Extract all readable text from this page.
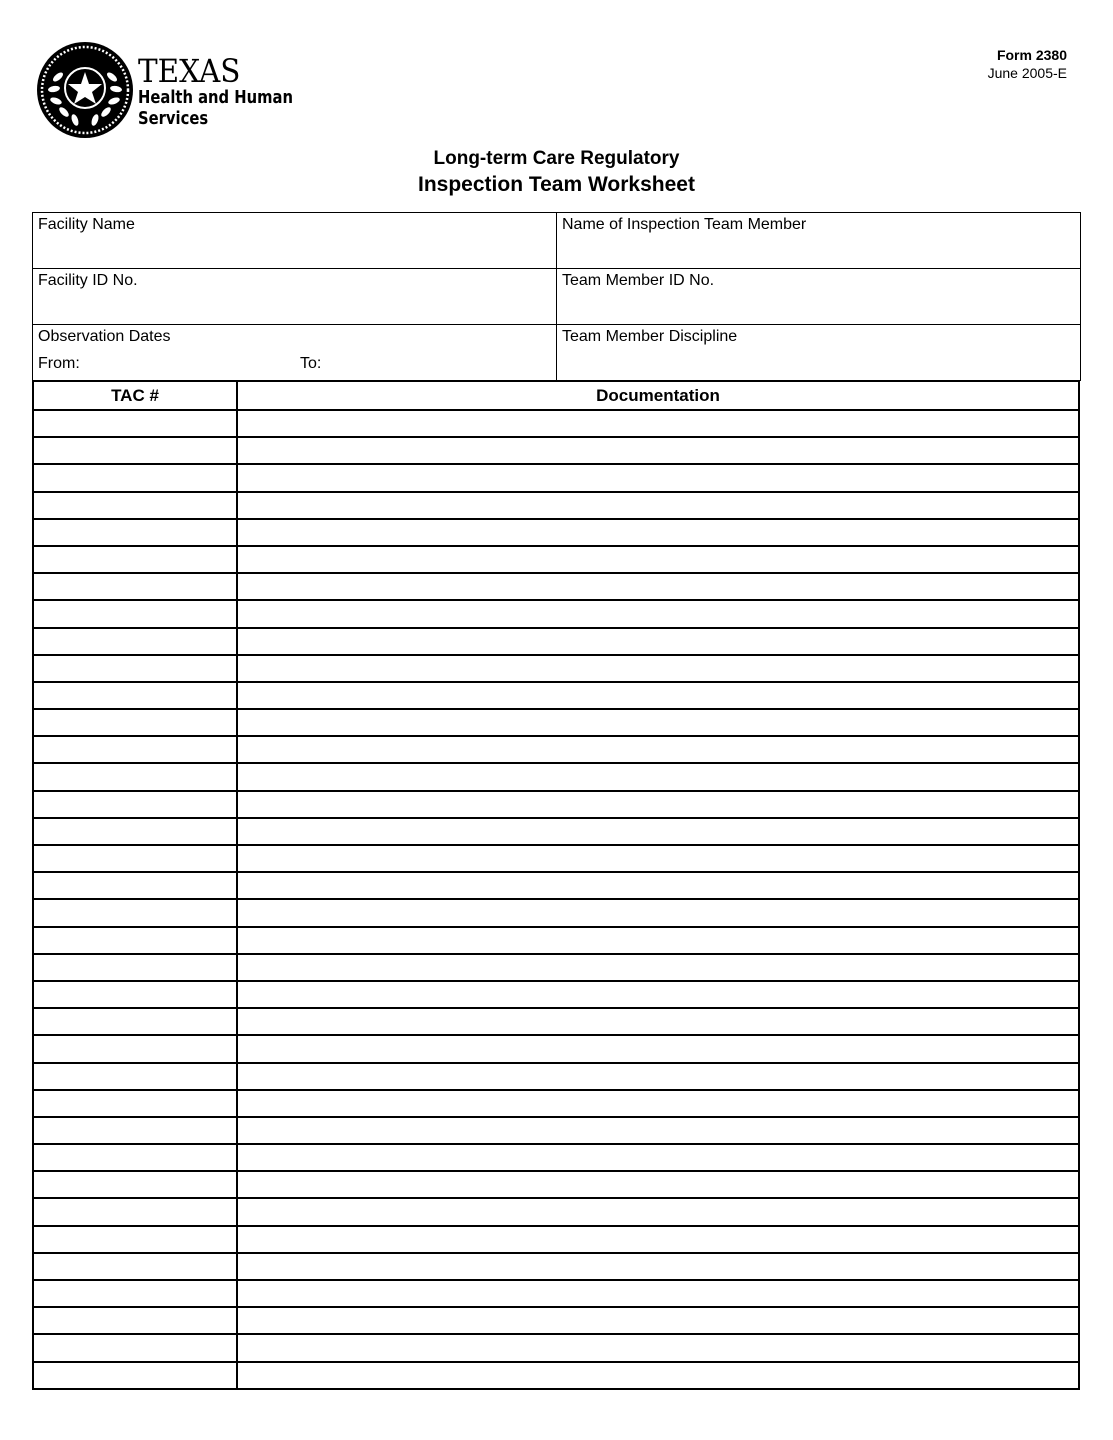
TEXAS
Health and Human
Services
Form 2380
June 2005-E
Long-term Care Regulatory
Inspection Team Worksheet
Facility Name	Name of Inspection Team Member
Facility ID No.	Team Member ID No.

Observation Dates
From: To:	Team Member Discipline
TAC #	Documentation
